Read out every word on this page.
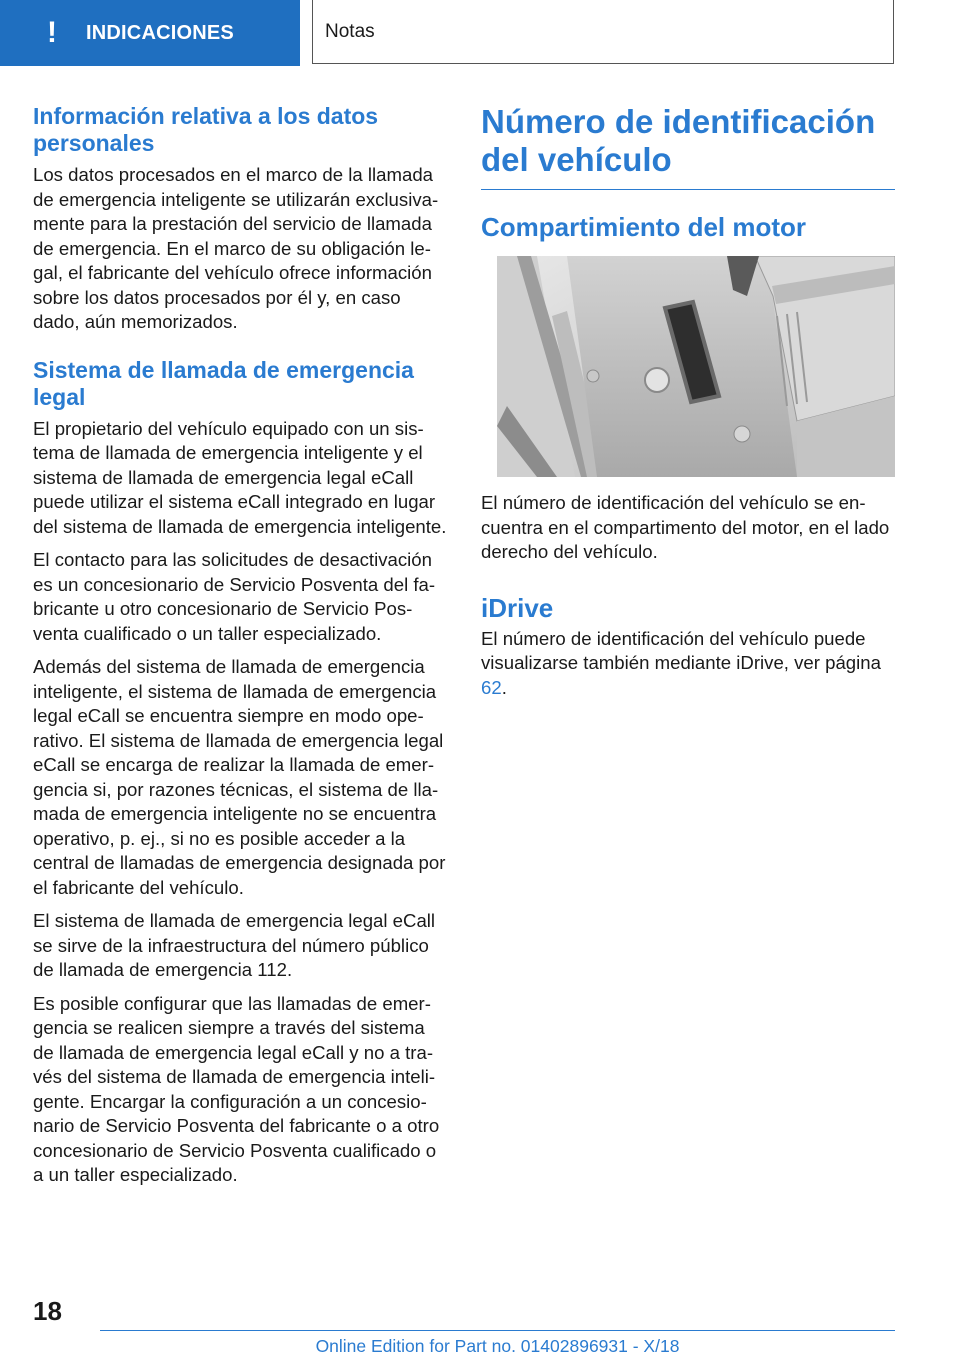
!	INDICACIONES	Notas
Información relativa a los datos personales

Los datos procesados en el marco de la llamada de emergencia inteligente se utilizarán exclusivamente para la prestación del servicio de llamada de emergencia. En el marco de su obligación legal, el fabricante del vehículo ofrece información sobre los datos procesados por él y, en caso dado, aún memorizados.

Sistema de llamada de emergencia legal

El propietario del vehículo equipado con un sistema de llamada de emergencia inteligente y el sistema de llamada de emergencia legal eCall puede utilizar el sistema eCall integrado en lugar del sistema de llamada de emergencia inteligente.

El contacto para las solicitudes de desactivación es un concesionario de Servicio Posventa del fabricante u otro concesionario de Servicio Posventa cualificado o un taller especializado.

Además del sistema de llamada de emergencia inteligente, el sistema de llamada de emergencia legal eCall se encuentra siempre en modo operativo. El sistema de llamada de emergencia legal eCall se encarga de realizar la llamada de emergencia si, por razones técnicas, el sistema de llamada de emergencia inteligente no se encuentra operativo, p. ej., si no es posible acceder a la central de llamadas de emergencia designada por el fabricante del vehículo.

El sistema de llamada de emergencia legal eCall se sirve de la infraestructura del número público de llamada de emergencia 112.

Es posible configurar que las llamadas de emergencia se realicen siempre a través del sistema de llamada de emergencia legal eCall y no a través del sistema de llamada de emergencia inteligente. Encargar la configuración a un concesionario de Servicio Posventa del fabricante o a otro concesionario de Servicio Posventa cualificado o a un taller especializado.

Número de identificación del vehículo
Compartimiento del motor

El número de identificación del vehículo se encuentra en el compartimento del motor, en el lado derecho del vehículo.

iDrive

El número de identificación del vehículo puede visualizarse también mediante iDrive, ver página 62.

18
Online Edition for Part no. 01402896931 - X/18
